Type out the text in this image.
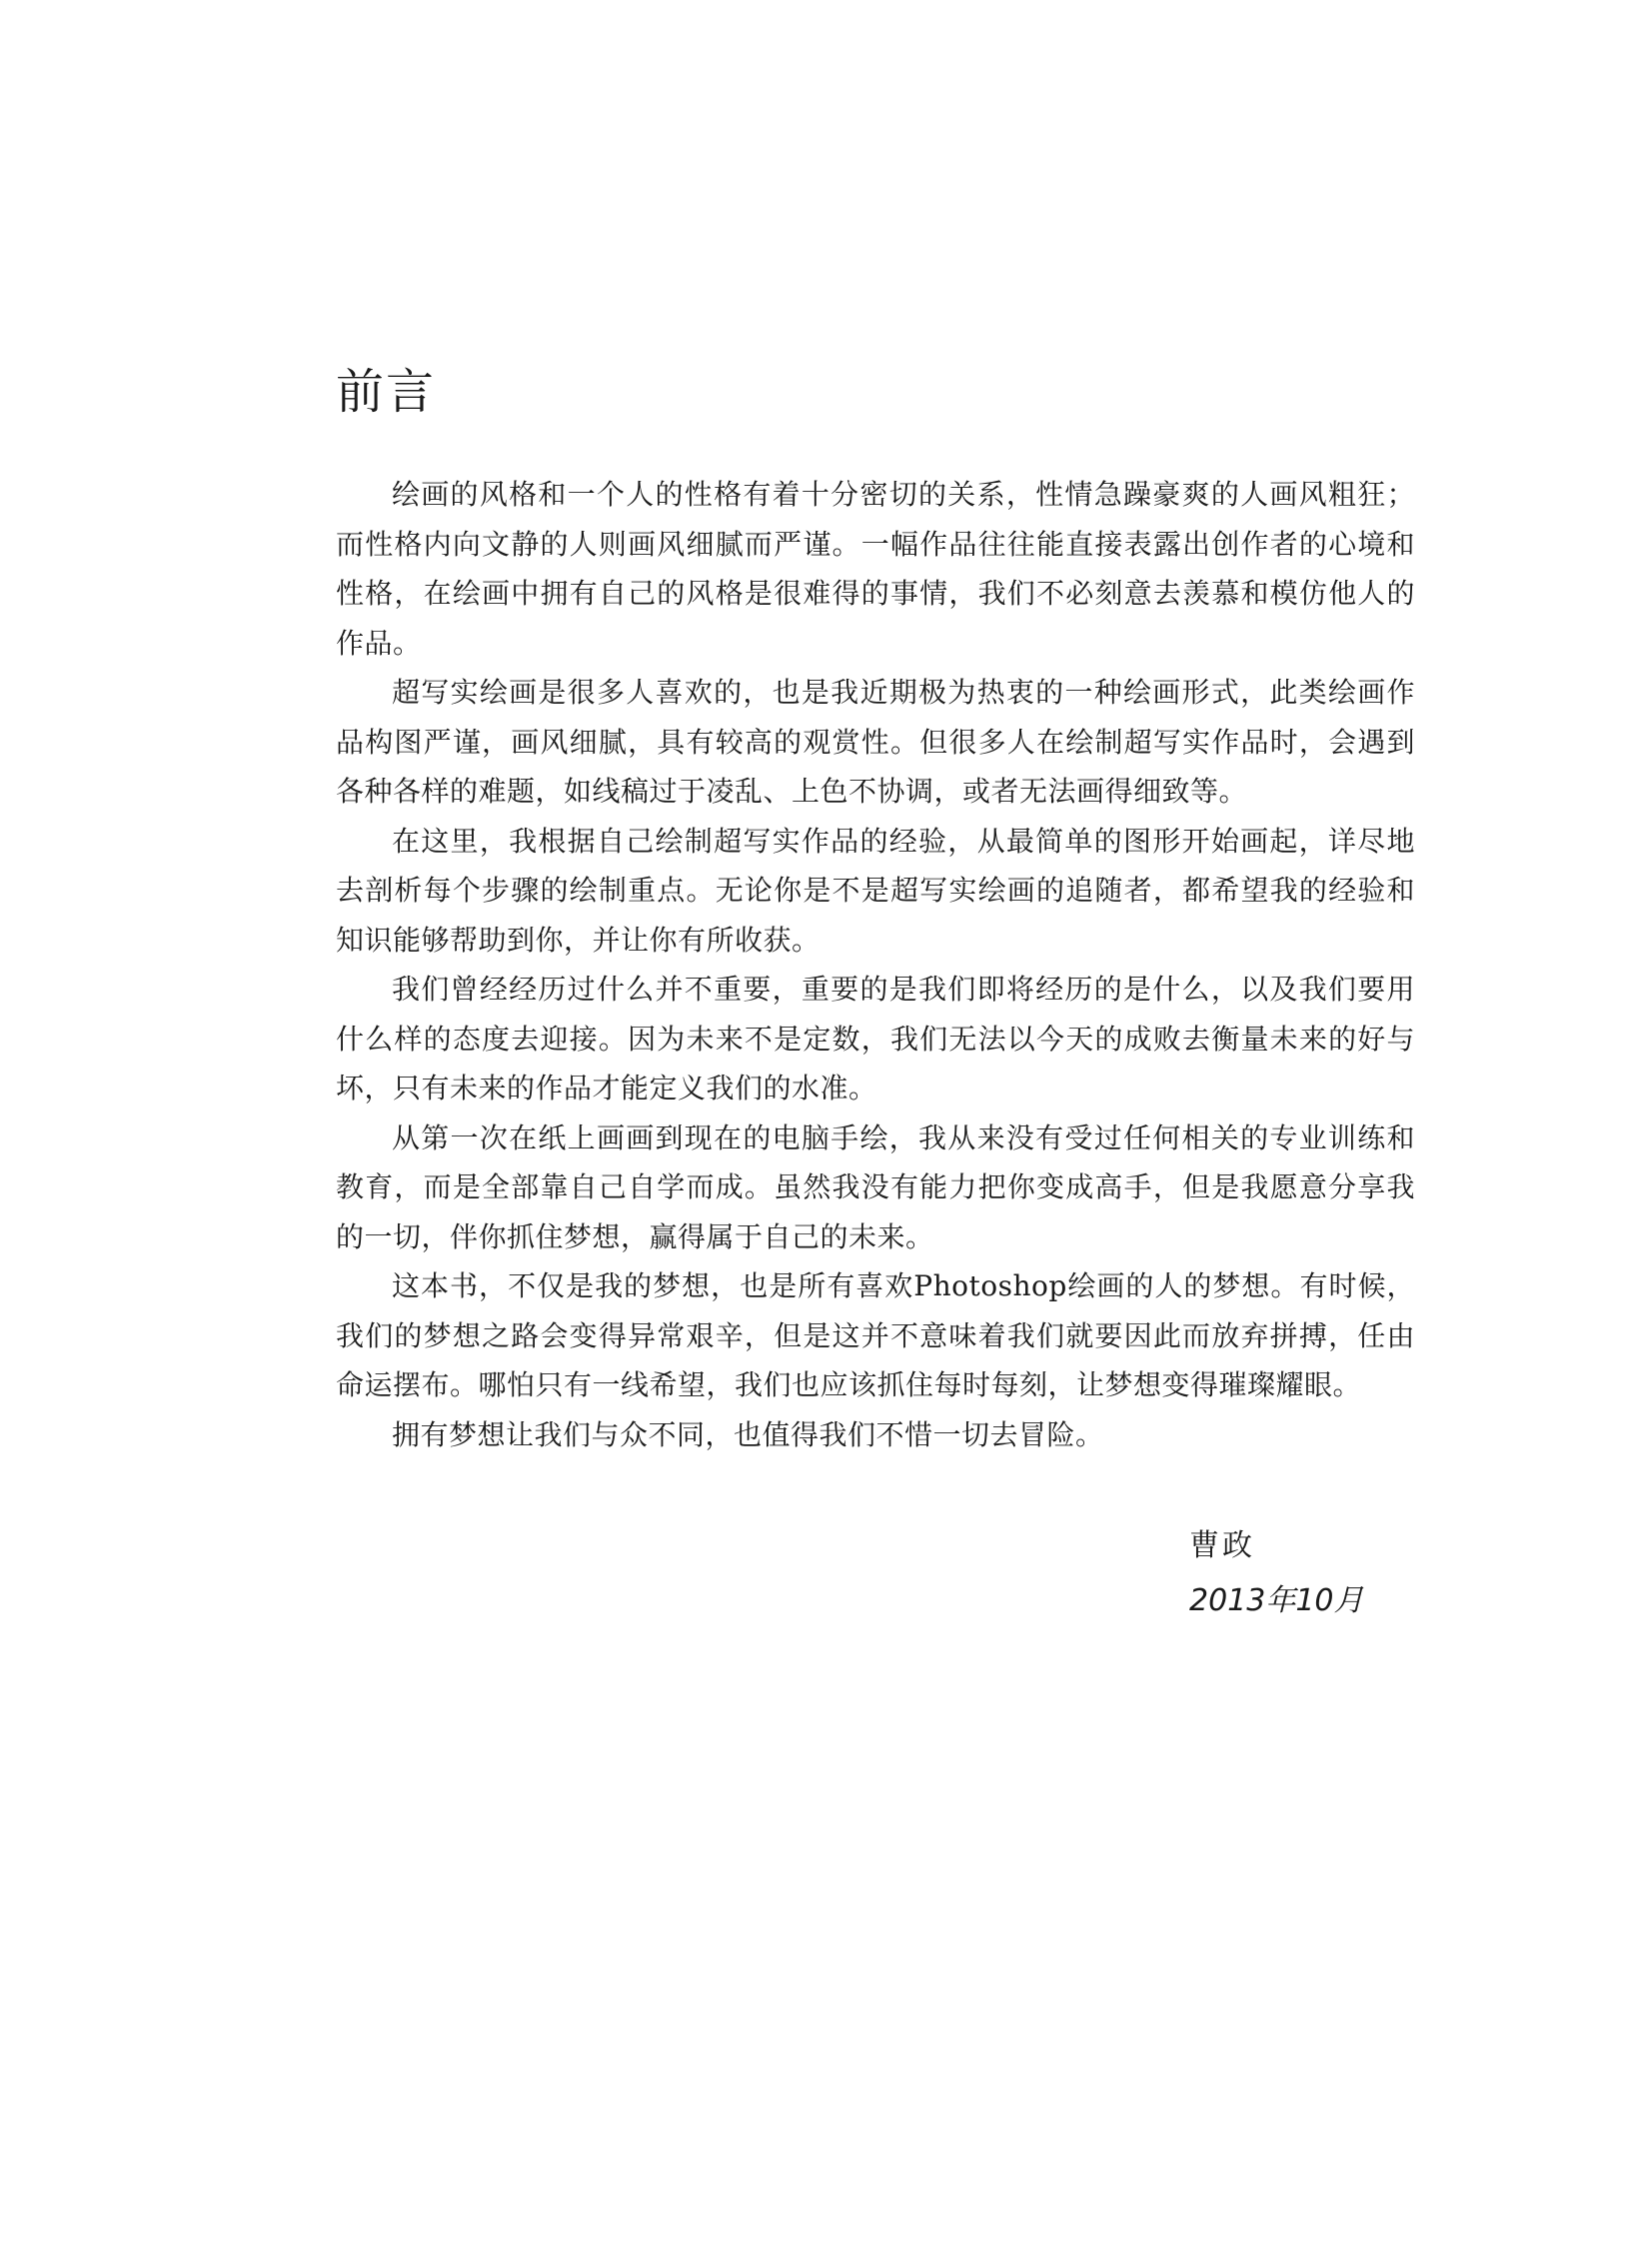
前言

绘画的风格和一个人的性格有着十分密切的关系，性情急躁豪爽的人画风粗狂；而性格内向文静的人则画风细腻而严谨。一幅作品往往能直接表露出创作者的心境和性格，在绘画中拥有自己的风格是很难得的事情，我们不必刻意去羡慕和模仿他人的作品。

超写实绘画是很多人喜欢的，也是我近期极为热衷的一种绘画形式，此类绘画作品构图严谨，画风细腻，具有较高的观赏性。但很多人在绘制超写实作品时，会遇到各种各样的难题，如线稿过于凌乱、上色不协调，或者无法画得细致等。

在这里，我根据自己绘制超写实作品的经验，从最简单的图形开始画起，详尽地去剖析每个步骤的绘制重点。无论你是不是超写实绘画的追随者，都希望我的经验和知识能够帮助到你，并让你有所收获。

我们曾经经历过什么并不重要，重要的是我们即将经历的是什么，以及我们要用什么样的态度去迎接。因为未来不是定数，我们无法以今天的成败去衡量未来的好与坏，只有未来的作品才能定义我们的水准。

从第一次在纸上画画到现在的电脑手绘，我从来没有受过任何相关的专业训练和教育，而是全部靠自己自学而成。虽然我没有能力把你变成高手，但是我愿意分享我的一切，伴你抓住梦想，赢得属于自己的未来。

这本书，不仅是我的梦想，也是所有喜欢Photoshop绘画的人的梦想。有时候，我们的梦想之路会变得异常艰辛，但是这并不意味着我们就要因此而放弃拼搏，任由命运摆布。哪怕只有一线希望，我们也应该抓住每时每刻，让梦想变得璀璨耀眼。

拥有梦想让我们与众不同，也值得我们不惜一切去冒险。

曹政
2013年10月
